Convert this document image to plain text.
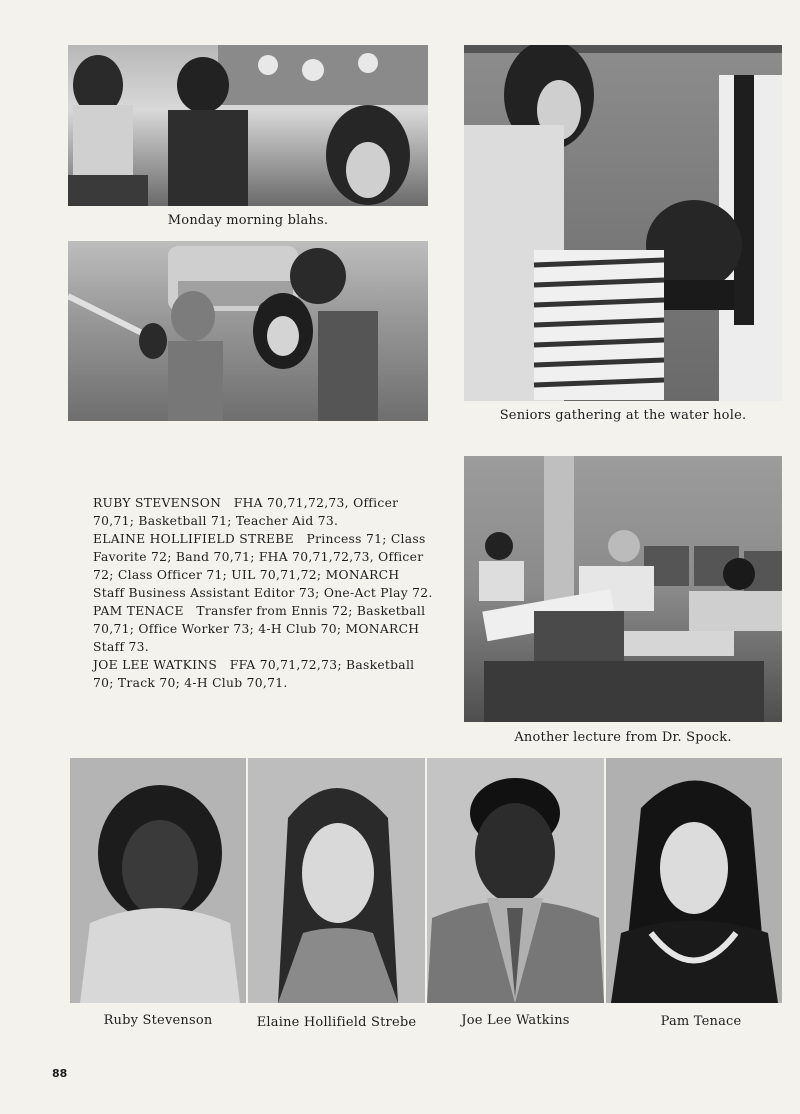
Monday morning blahs.
Seniors gathering at the water hole.

RUBY STEVENSON FHA 70,71,72,73, Officer 70,71; Basketball 71; Teacher Aid 73.

ELAINE HOLLIFIELD STREBE Princess 71; Class Favorite 72; Band 70,71; FHA 70,71,72,73, Officer 72; Class Officer 71; UIL 70,71,72; MONARCH Staff Business Assistant Editor 73; One-Act Play 72.

PAM TENACE Transfer from Ennis 72; Basketball 70,71; Office Worker 73; 4-H Club 70; MONARCH Staff 73.

JOE LEE WATKINS FFA 70,71,72,73; Basketball 70; Track 70; 4-H Club 70,71.

Another lecture from Dr. Spock.
Ruby Stevenson	Elaine Hollifield Strebe	Joe Lee Watkins	Pam Tenace
88
